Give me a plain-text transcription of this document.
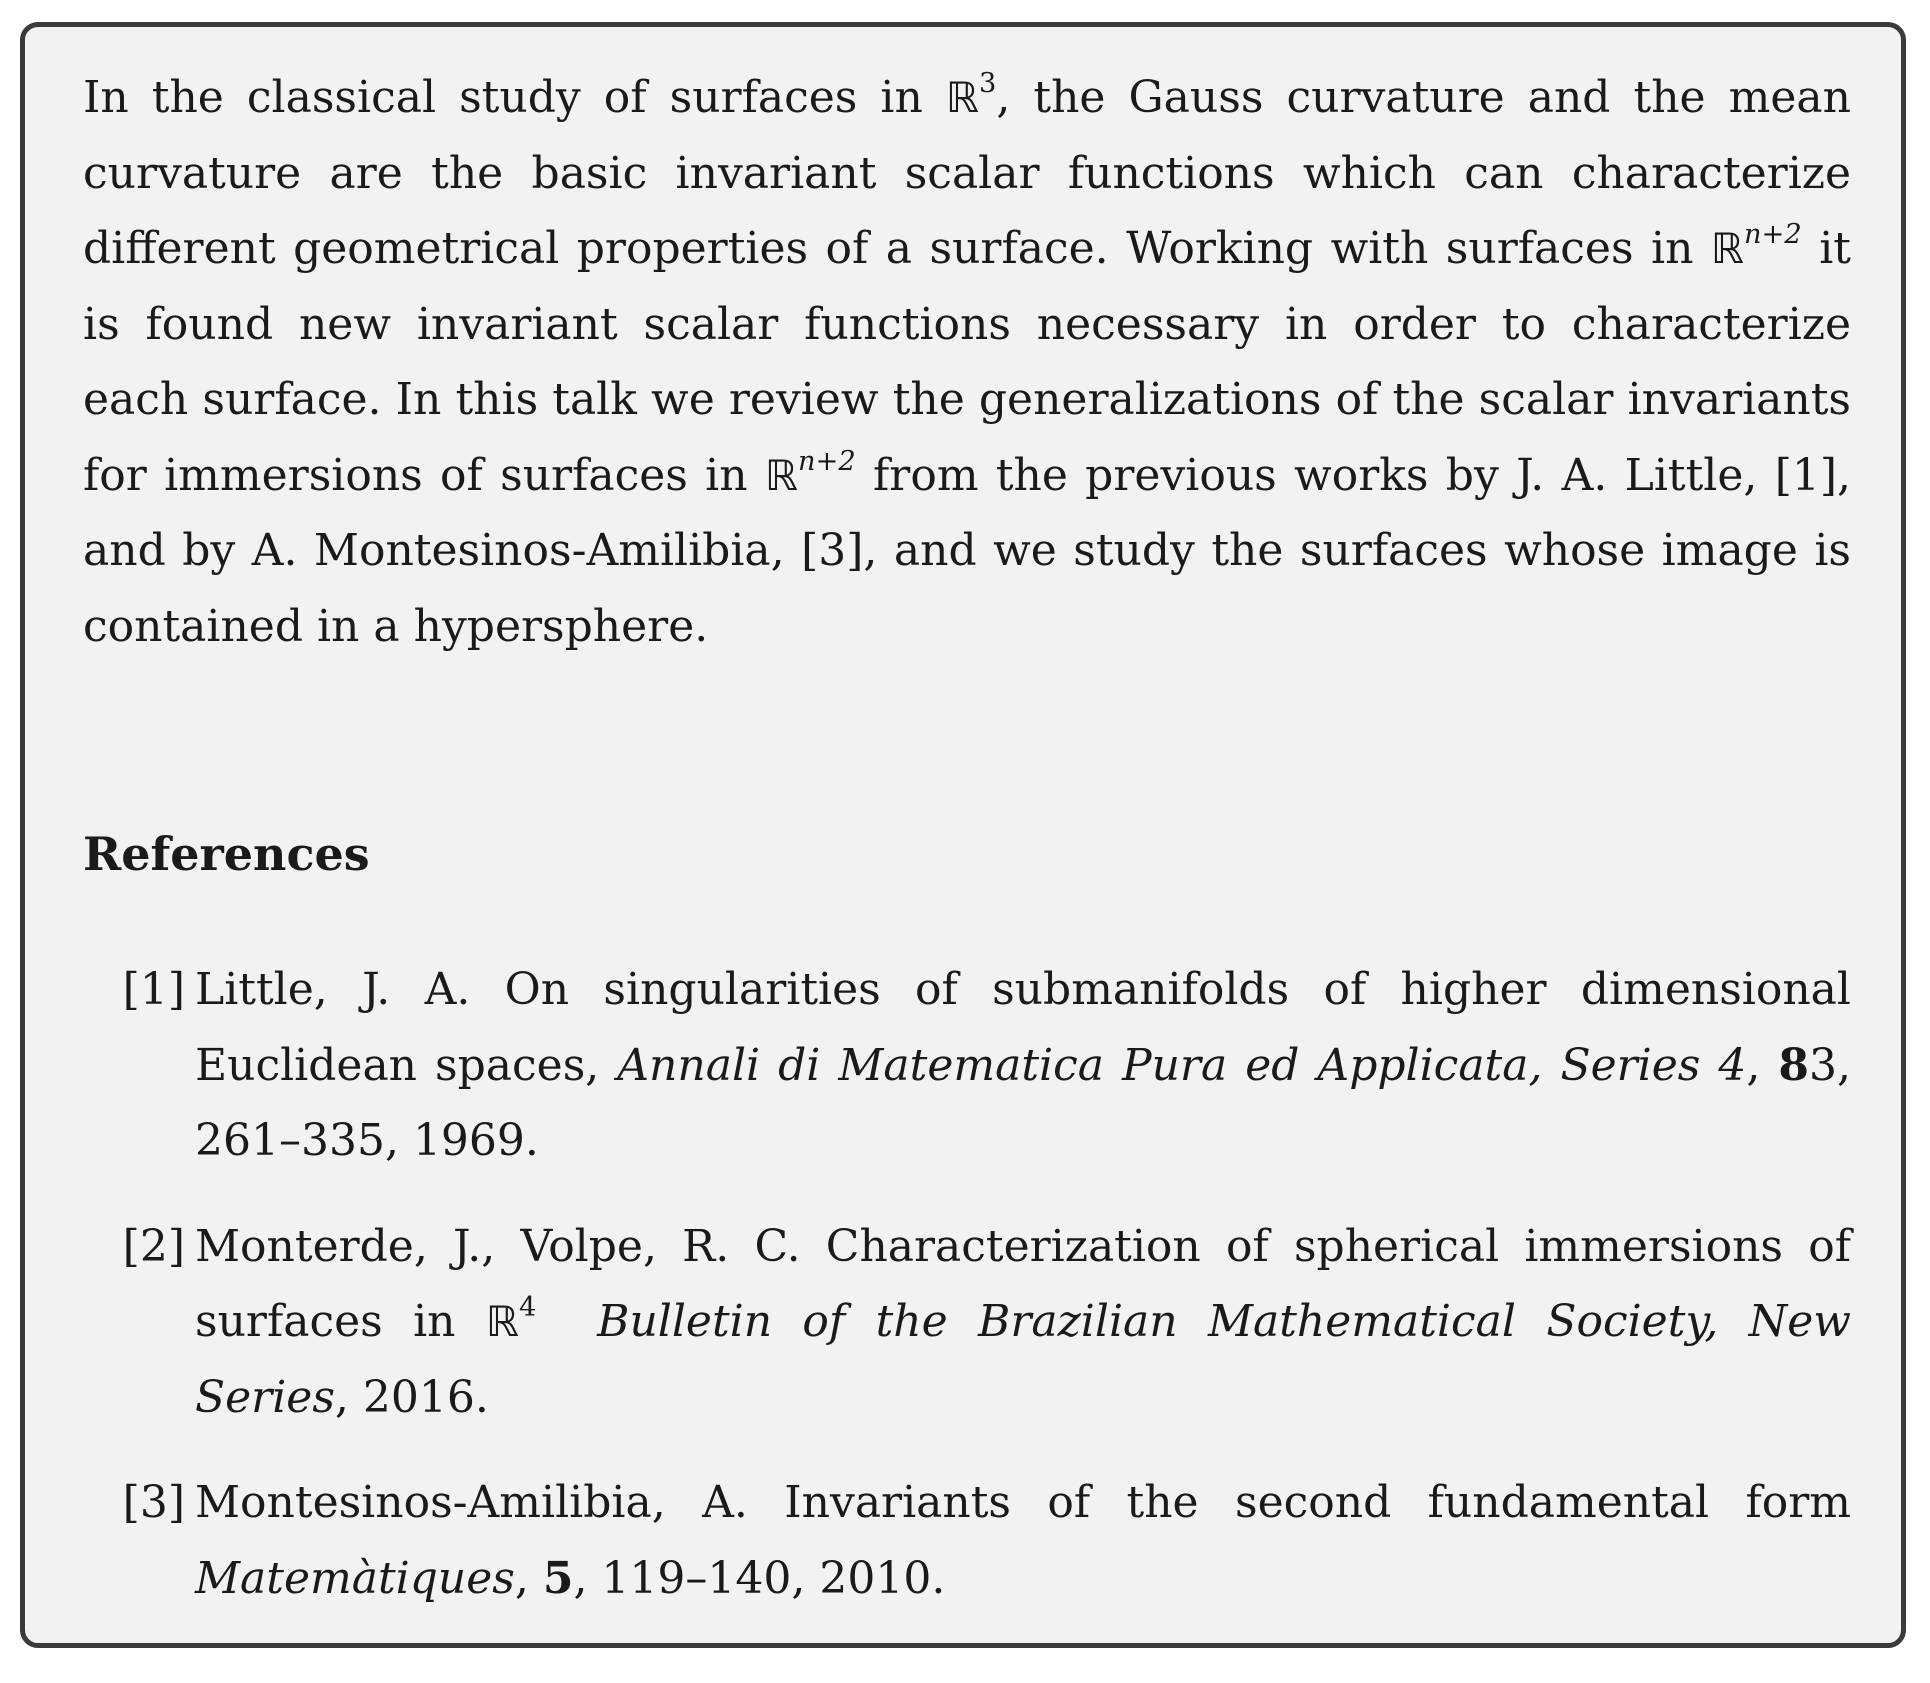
In the classical study of surfaces in ℝ$^3$, the Gauss curvature and the mean curvature are the basic invariant scalar functions which can characterize different geometrical properties of a surface. Working with surfaces in ℝ$^{n+2}$ it is found new invariant scalar functions necessary in order to characterize each surface. In this talk we review the generalizations of the scalar invariants for immersions of surfaces in ℝ$^{n+2}$ from the previous works by J. A. Little, [1], and by A. Montesinos-Amilibia, [3], and we study the surfaces whose image is contained in a hypersphere.

References
[1] Little, J. A. On singularities of submanifolds of higher dimensional Euclidean spaces, Annali di Matematica Pura ed Applicata, Series 4, 83, 261–335, 1969.
[2] Monterde, J., Volpe, R. C. Characterization of spherical immersions of surfaces in ℝ$^4$ Bulletin of the Brazilian Mathematical Society, New Series, 2016.
[3] Montesinos-Amilibia, A. Invariants of the second fundamental form Matemàtiques, 5, 119–140, 2010.
